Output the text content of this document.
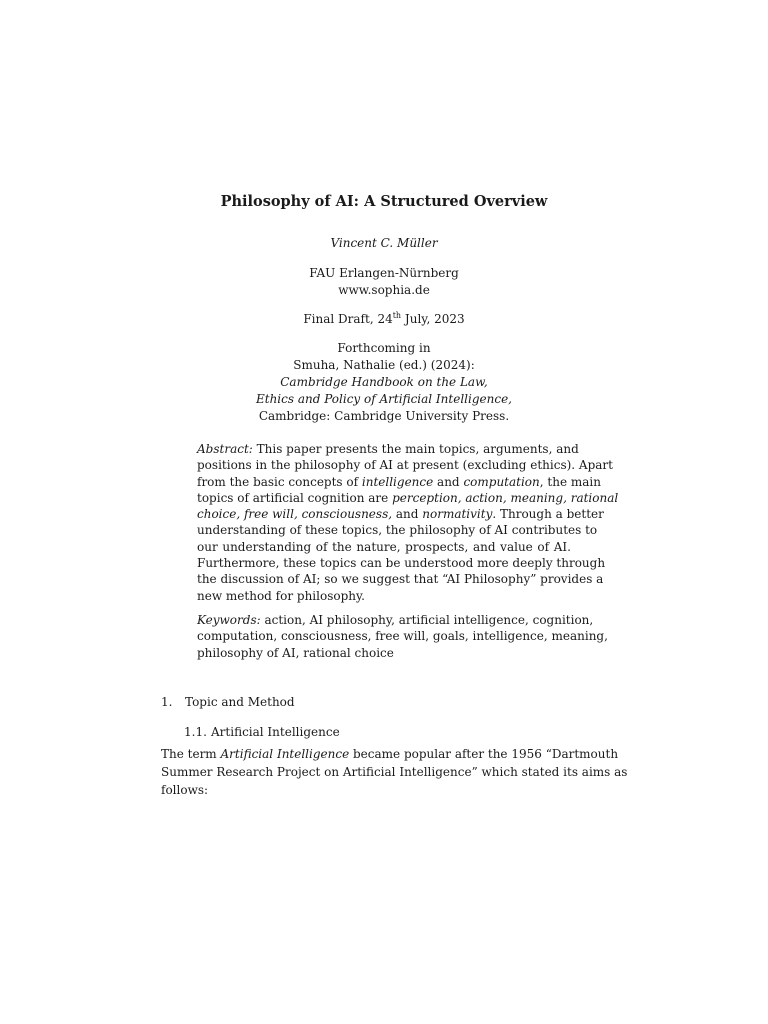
Philosophy of AI: A Structured Overview
Vincent C. Müller
FAU Erlangen-Nürnberg
www.sophia.de
Final Draft, 24th July, 2023
Forthcoming in
Smuha, Nathalie (ed.) (2024):
Cambridge Handbook on the Law,
Ethics and Policy of Artificial Intelligence,
Cambridge: Cambridge University Press.
Abstract: This paper presents the main topics, arguments, and
positions in the philosophy of AI at present (excluding ethics). Apart
from the basic concepts of intelligence and computation, the main
topics of artificial cognition are perception, action, meaning, rational
choice, free will, consciousness, and normativity. Through a better
understanding of these topics, the philosophy of AI contributes to
our understanding of the nature, prospects, and value of AI.
Furthermore, these topics can be understood more deeply through
the discussion of AI; so we suggest that “AI Philosophy” provides a
new method for philosophy.
Keywords: action, AI philosophy, artificial intelligence, cognition,
computation, consciousness, free will, goals, intelligence, meaning,
philosophy of AI, rational choice
1. Topic and Method
1.1. Artificial Intelligence
The term Artificial Intelligence became popular after the 1956 “Dartmouth
Summer Research Project on Artificial Intelligence” which stated its aims as
follows:
